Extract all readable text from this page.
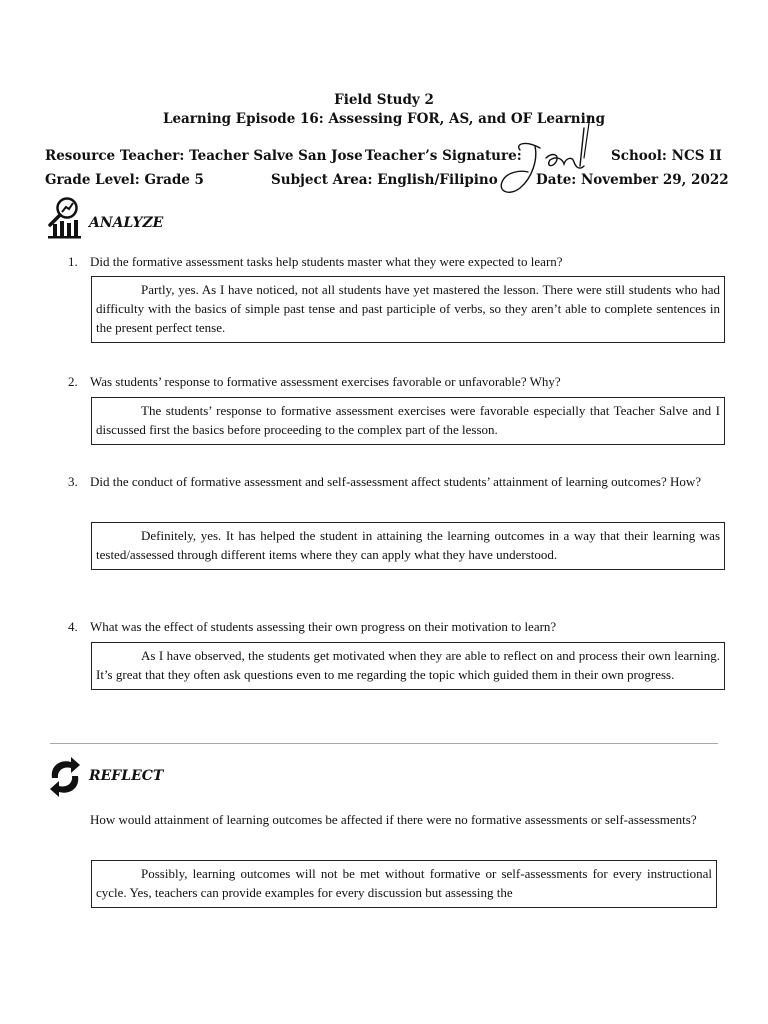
Field Study 2
Learning Episode 16: Assessing FOR, AS, and OF Learning
Resource Teacher: Teacher Salve San Jose Teacher’s Signature:	School: NCS II
Grade Level: Grade 5	Subject Area: English/Filipino	Date: November 29, 2022
ANALYZE
1. Did the formative assessment tasks help students master what they were expected to learn?
Partly, yes. As I have noticed, not all students have yet mastered the lesson. There were still students who had difficulty with the basics of simple past tense and past participle of verbs, so they aren’t able to complete sentences in the present perfect tense.
2. Was students’ response to formative assessment exercises favorable or unfavorable? Why?
The students’ response to formative assessment exercises were favorable especially that Teacher Salve and I discussed first the basics before proceeding to the complex part of the lesson.
3. Did the conduct of formative assessment and self-assessment affect students’ attainment of learning outcomes? How?
Definitely, yes. It has helped the student in attaining the learning outcomes in a way that their learning was tested/assessed through different items where they can apply what they have understood.
4. What was the effect of students assessing their own progress on their motivation to learn?
As I have observed, the students get motivated when they are able to reflect on and process their own learning. It’s great that they often ask questions even to me regarding the topic which guided them in their own progress.
REFLECT
How would attainment of learning outcomes be affected if there were no formative assessments or self-assessments?
Possibly, learning outcomes will not be met without formative or self-assessments for every instructional cycle. Yes, teachers can provide examples for every discussion but assessing the
